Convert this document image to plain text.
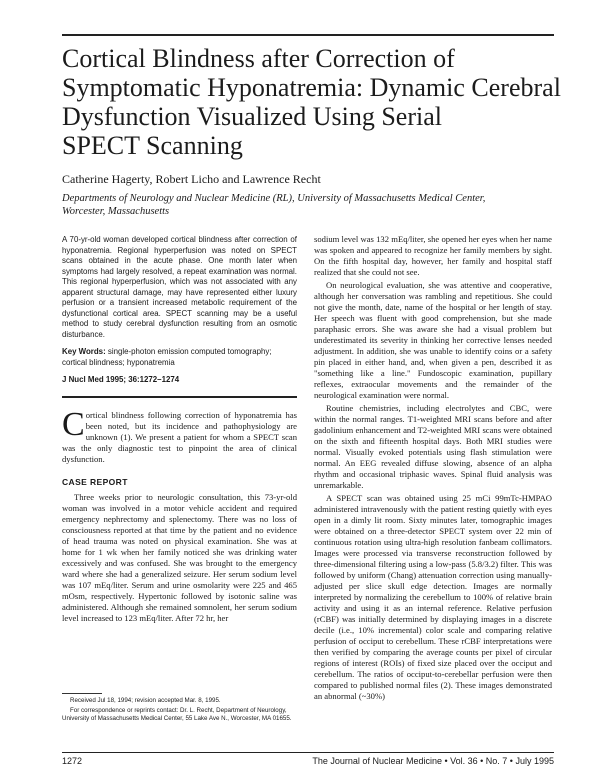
Cortical Blindness after Correction of
Symptomatic Hyponatremia: Dynamic Cerebral
Dysfunction Visualized Using Serial
SPECT Scanning
Catherine Hagerty, Robert Licho and Lawrence Recht
Departments of Neurology and Nuclear Medicine (RL), University of Massachusetts Medical Center,
Worcester, Massachusetts

A 70-yr-old woman developed cortical blindness after correction of hyponatremia. Regional hyperperfusion was noted on SPECT scans obtained in the acute phase. One month later when symptoms had largely resolved, a repeat examination was normal. This regional hyperperfusion, which was not associated with any apparent structural damage, may have represented either luxury perfusion or a transient increased metabolic requirement of the dysfunctional cortical area. SPECT scanning may be a useful method to study cerebral dysfunction resulting from an osmotic disturbance.

Key Words: single-photon emission computed tomography; cortical blindness; hyponatremia

J Nucl Med 1995; 36:1272–1274

Cortical blindness following correction of hyponatremia has been noted, but its incidence and pathophysiology are unknown (1). We present a patient for whom a SPECT scan was the only diagnostic test to pinpoint the area of clinical dysfunction.
CASE REPORT

Three weeks prior to neurologic consultation, this 73-yr-old woman was involved in a motor vehicle accident and required emergency nephrectomy and splenectomy. There was no loss of consciousness reported at that time by the patient and no evidence of head trauma was noted on physical examination. She was at home for 1 wk when her family noticed she was drinking water excessively and was confused. She was brought to the emergency ward where she had a generalized seizure. Her serum sodium level was 107 mEq/liter. Serum and urine osmolarity were 225 and 465 mOsm, respectively. Hypertonic followed by isotonic saline was administered. Although she remained somnolent, her serum sodium level increased to 123 mEq/liter. After 72 hr, her

sodium level was 132 mEq/liter, she opened her eyes when her name was spoken and appeared to recognize her family members by sight. On the fifth hospital day, however, her family and hospital staff realized that she could not see.

On neurological evaluation, she was attentive and cooperative, although her conversation was rambling and repetitious. She could not give the month, date, name of the hospital or her length of stay. Her speech was fluent with good comprehension, but she made paraphasic errors. She was aware she had a visual problem but underestimated its severity in thinking her corrective lenses needed adjustment. In addition, she was unable to identify coins or a safety pin placed in either hand, and, when given a pen, described it as "something like a line." Fundoscopic examination, pupillary reflexes, extraocular movements and the remainder of the neurological examination were normal.

Routine chemistries, including electrolytes and CBC, were within the normal ranges. T1-weighted MRI scans before and after gadolinium enhancement and T2-weighted MRI scans were obtained on the sixth and fifteenth hospital days. Both MRI studies were normal. Visually evoked potentials using flash stimulation were normal. An EEG revealed diffuse slowing, absence of an alpha rhythm and occasional triphasic waves. Spinal fluid analysis was unremarkable.

A SPECT scan was obtained using 25 mCi 99mTc-HMPAO administered intravenously with the patient resting quietly with eyes open in a dimly lit room. Sixty minutes later, tomographic images were obtained on a three-detector SPECT system over 22 min of continuous rotation using ultra-high resolution fanbeam collimators. Images were processed via transverse reconstruction followed by three-dimensional filtering using a low-pass (5.8/3.2) filter. This was followed by uniform (Chang) attenuation correction using manually-adjusted per slice skull edge detection. Images are normally interpreted by normalizing the cerebellum to 100% of relative brain activity and using it as an internal reference. Relative perfusion (rCBF) was initially determined by displaying images in a discrete decile (i.e., 10% incremental) color scale and comparing relative perfusion of occiput to cerebellum. These rCBF interpretations were then verified by comparing the average counts per pixel of circular regions of interest (ROIs) of fixed size placed over the occiput and cerebellum. The ratios of occiput-to-cerebellar perfusion were then compared to published normal files (2). These images demonstrated an abnormal (~30%)

Received Jul 18, 1994; revision accepted Mar. 8, 1995.

For correspondence or reprints contact: Dr. L. Recht, Department of Neurology, University of Massachusetts Medical Center, 55 Lake Ave N., Worcester, MA 01655.

1272	The Journal of Nuclear Medicine • Vol. 36 • No. 7 • July 1995
